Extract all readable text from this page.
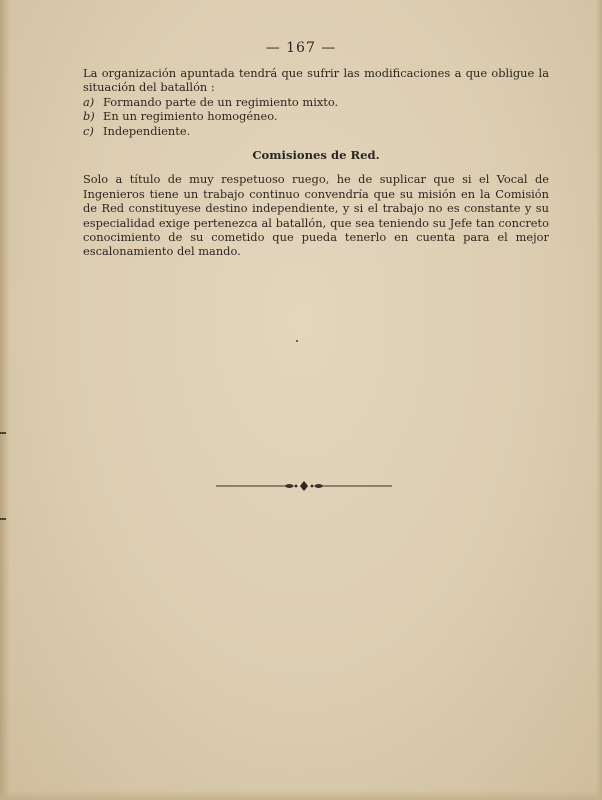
— 167 —

La organización apuntada tendrá que sufrir las modificaciones a que obligue la situación del batallón :

a) Formando parte de un regimiento mixto.
b) En un regimiento homogéneo.
c) Independiente.
Comisiones de Red.

Solo a título de muy respetuoso ruego, he de suplicar que si el Vocal de Ingenieros tiene un trabajo continuo convendría que su misión en la Comisión de Red constituyese destino independiente, y si el trabajo no es constante y su especialidad exige pertenezca al batallón, que sea teniendo su Jefe tan concreto conocimiento de su cometido que pueda tenerlo en cuenta para el mejor escalonamiento del mando.
